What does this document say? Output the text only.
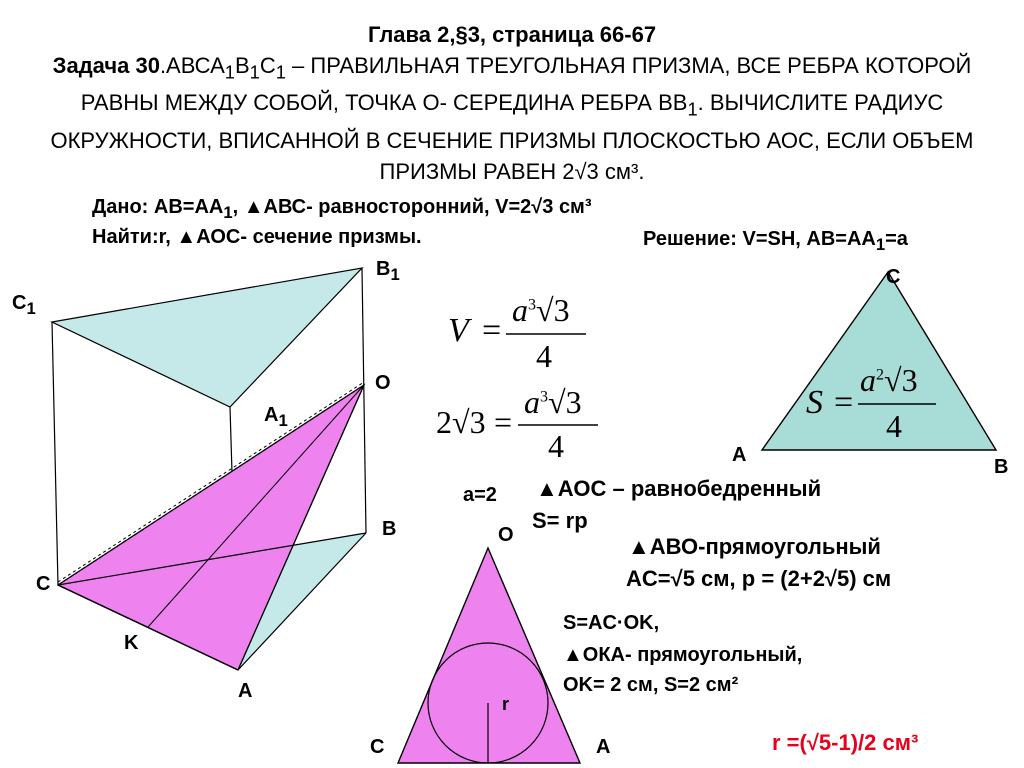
Глава 2,§3, страница 66-67
Задача $30.АВСА_1В_1С_1$ – ПРАВИЛЬНАЯ ТРЕУГОЛЬНАЯ ПРИЗМА, ВСЕ РЕБРА КОТОРОЙ РАВНЫ МЕЖДУ СОБОЙ, ТОЧКА О- СЕРЕДИНА РЕБРА $ВВ_1$. ВЫЧИСЛИТЕ РАДИУС ОКРУЖНОСТИ, ВПИСАННОЙ В СЕЧЕНИЕ ПРИЗМЫ ПЛОСКОСТЬЮ АОС, ЕСЛИ ОБЪЕМ ПРИЗМЫ РАВЕН 2√3 см³.
Дано: $АВ=АА_1$, ▲АВС- равносторонний, V=2√3 см³
Найти:r, ▲АОС- сечение призмы.	Решение: V=SH, $АВ=АА_1=a$
$C_1$
$B_1$
O
$A_1$
B
C
K
A
V =
$a^3√3$
4
2√3 =
$a^3√3$
4
S =
$a^2√3$
4
C
A
B
a=2 ▲АОС – равнобедренный
S= rp
▲АВО-прямоугольный
AC=√5 см, p = (2+2√5) см
S=AC·OK,
▲ОКА- прямоугольный,
OK= 2 см, S=2 см²
r =(√5-1)/2 см³
O
C	A
r
